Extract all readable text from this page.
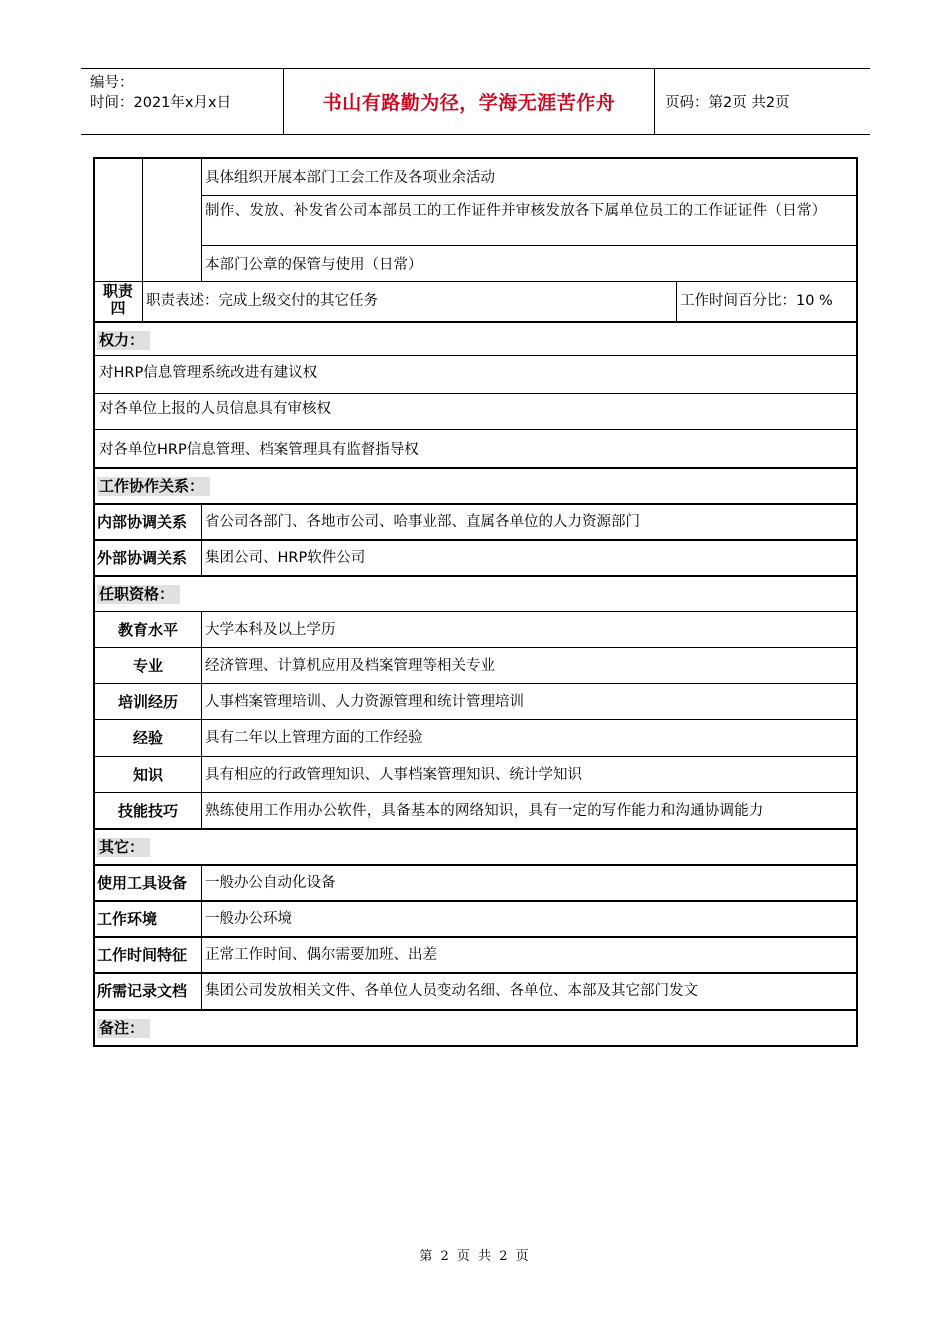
编号：
时间：2021年x月x日	书山有路勤为径，学海无涯苦作舟	页码：第2页 共2页
具体组织开展本部门工会工作及各项业余活动
制作、发放、补发省公司本部员工的工作证件并审核发放各下属单位员工的工作证证件（日常）
本部门公章的保管与使用（日常）
职责四	职责表述：完成上级交付的其它任务	工作时间百分比：10 %
权力：
对HRP信息管理系统改进有建议权
对各单位上报的人员信息具有审核权
对各单位HRP信息管理、档案管理具有监督指导权
工作协作关系：
内部协调关系	省公司各部门、各地市公司、哈事业部、直属各单位的人力资源部门
外部协调关系	集团公司、HRP软件公司
任职资格：
教育水平	大学本科及以上学历
专业	经济管理、计算机应用及档案管理等相关专业
培训经历	人事档案管理培训、人力资源管理和统计管理培训
经验	具有二年以上管理方面的工作经验
知识	具有相应的行政管理知识、人事档案管理知识、统计学知识
技能技巧	熟练使用工作用办公软件，具备基本的网络知识，具有一定的写作能力和沟通协调能力
其它：
使用工具设备	一般办公自动化设备
工作环境	一般办公环境
工作时间特征	正常工作时间、偶尔需要加班、出差
所需记录文档	集团公司发放相关文件、各单位人员变动名细、各单位、本部及其它部门发文
备注：
第 2 页 共 2 页
